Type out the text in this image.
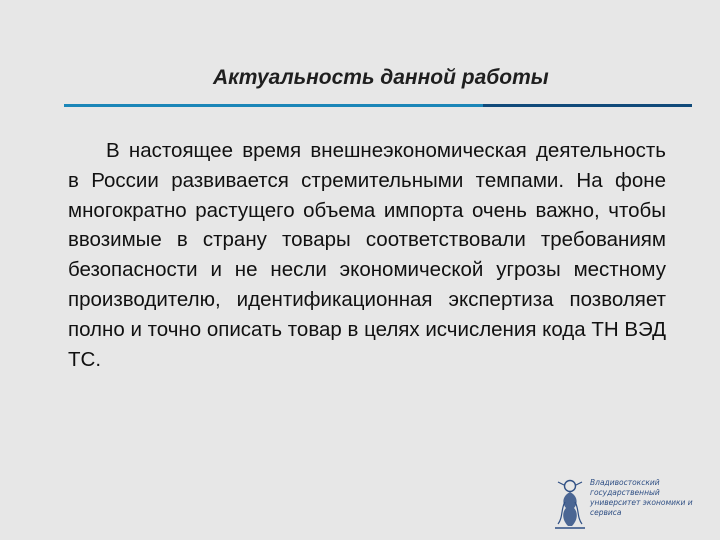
Актуальность данной работы

В настоящее время внешнеэкономическая деятельность в России развивается стремительными темпами. На фоне многократно растущего объема импорта очень важно, чтобы ввозимые в страну товары соответствовали требованиям безопасности и не несли экономической угрозы местному производителю, идентификационная экспертиза позволяет полно и точно описать товар в целях исчисления кода ТН ВЭД ТС.

Владивостокский государственный университет экономики и сервиса
